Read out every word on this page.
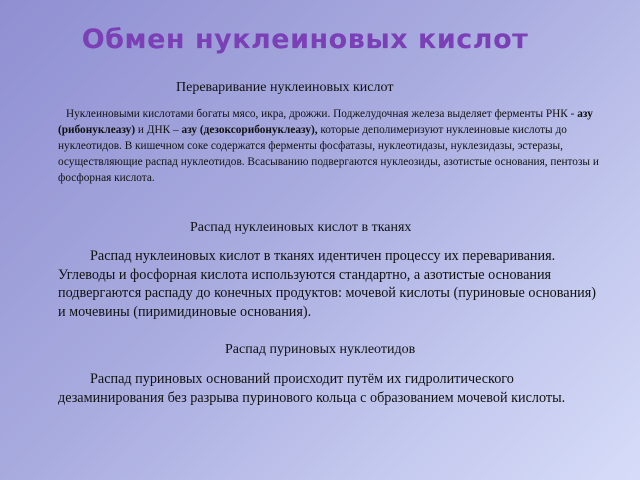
Обмен нуклеиновых кислот
Переваривание нуклеиновых кислот
Нуклеиновыми кислотами богаты мясо, икра, дрожжи. Поджелудочная железа выделяет ферменты РНК - азу (рибонуклеазу) и ДНК – азу (дезоксорибонуклеазу), которые деполимеризуют нуклеиновые кислоты до нуклеотидов. В кишечном соке содержатся ферменты фосфатазы, нуклеотидазы, нуклезидазы, эстеразы, осуществляющие распад нуклеотидов. Всасыванию подвергаются нуклеозиды, азотистые основания, пентозы и фосфорная кислота.
Распад нуклеиновых кислот в тканях
Распад нуклеиновых кислот в тканях идентичен процессу их переваривания. Углеводы и фосфорная кислота используются стандартно, а азотистые основания подвергаются распаду до конечных продуктов: мочевой кислоты (пуриновые основания) и мочевины (пиримидиновые основания).
Распад пуриновых нуклеотидов
Распад пуриновых оснований происходит путём их гидролитического дезаминирования без разрыва пуринового кольца с образованием мочевой кислоты.
